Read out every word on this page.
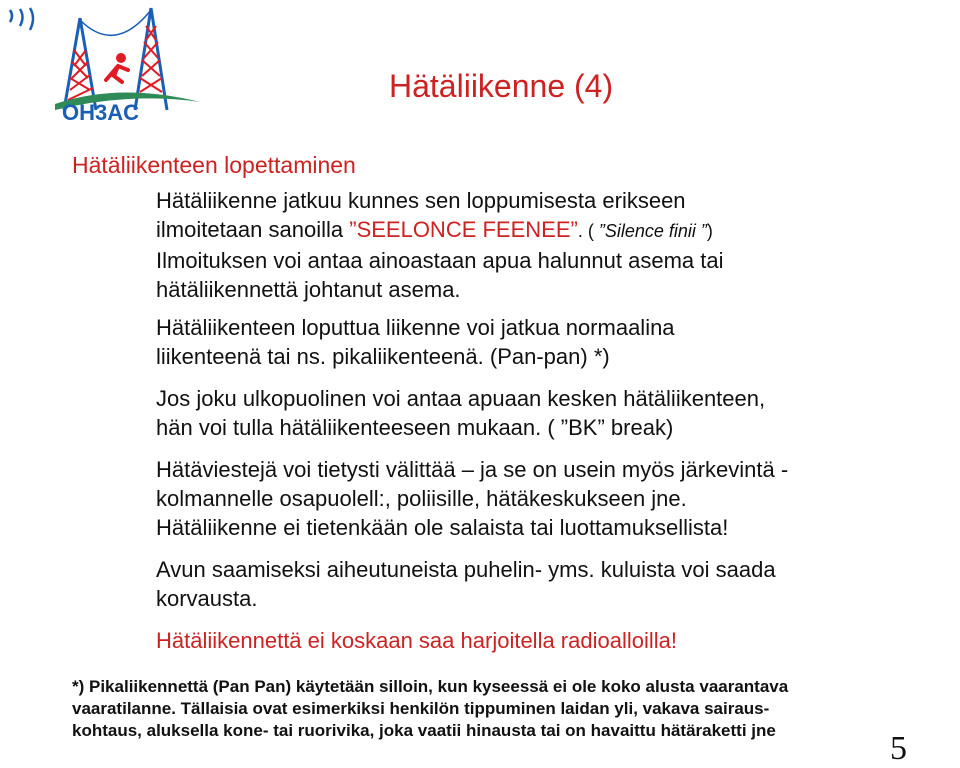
OH3AC
Hätäliikenne (4)
Hätäliikenteen lopettaminen
Hätäliikenne jatkuu kunnes sen loppumisesta erikseen
ilmoitetaan sanoilla ”SEELONCE FEENEE”. ( ”Silence finii ”)
Ilmoituksen voi antaa ainoastaan apua halunnut asema tai
hätäliikennettä johtanut asema.
Hätäliikenteen loputtua liikenne voi jatkua normaalina
liikenteenä tai ns. pikaliikenteenä. (Pan-pan) *)
Jos joku ulkopuolinen voi antaa apuaan kesken hätäliikenteen,
hän voi tulla hätäliikenteeseen mukaan. ( ”BK” break)
Hätäviestejä voi tietysti välittää – ja se on usein myös järkevintä -
kolmannelle osapuolell:, poliisille, hätäkeskukseen jne.
Hätäliikenne ei tietenkään ole salaista tai luottamuksellista!
Avun saamiseksi aiheutuneista puhelin- yms. kuluista voi saada
korvausta.
Hätäliikennettä ei koskaan saa harjoitella radioalloilla!
*) Pikaliikennettä (Pan Pan) käytetään silloin, kun kyseessä ei ole koko alusta vaarantava
vaaratilanne. Tällaisia ovat esimerkiksi henkilön tippuminen laidan yli, vakava sairaus-
kohtaus, aluksella kone- tai ruorivika, joka vaatii hinausta tai on havaittu hätäraketti jne	5
